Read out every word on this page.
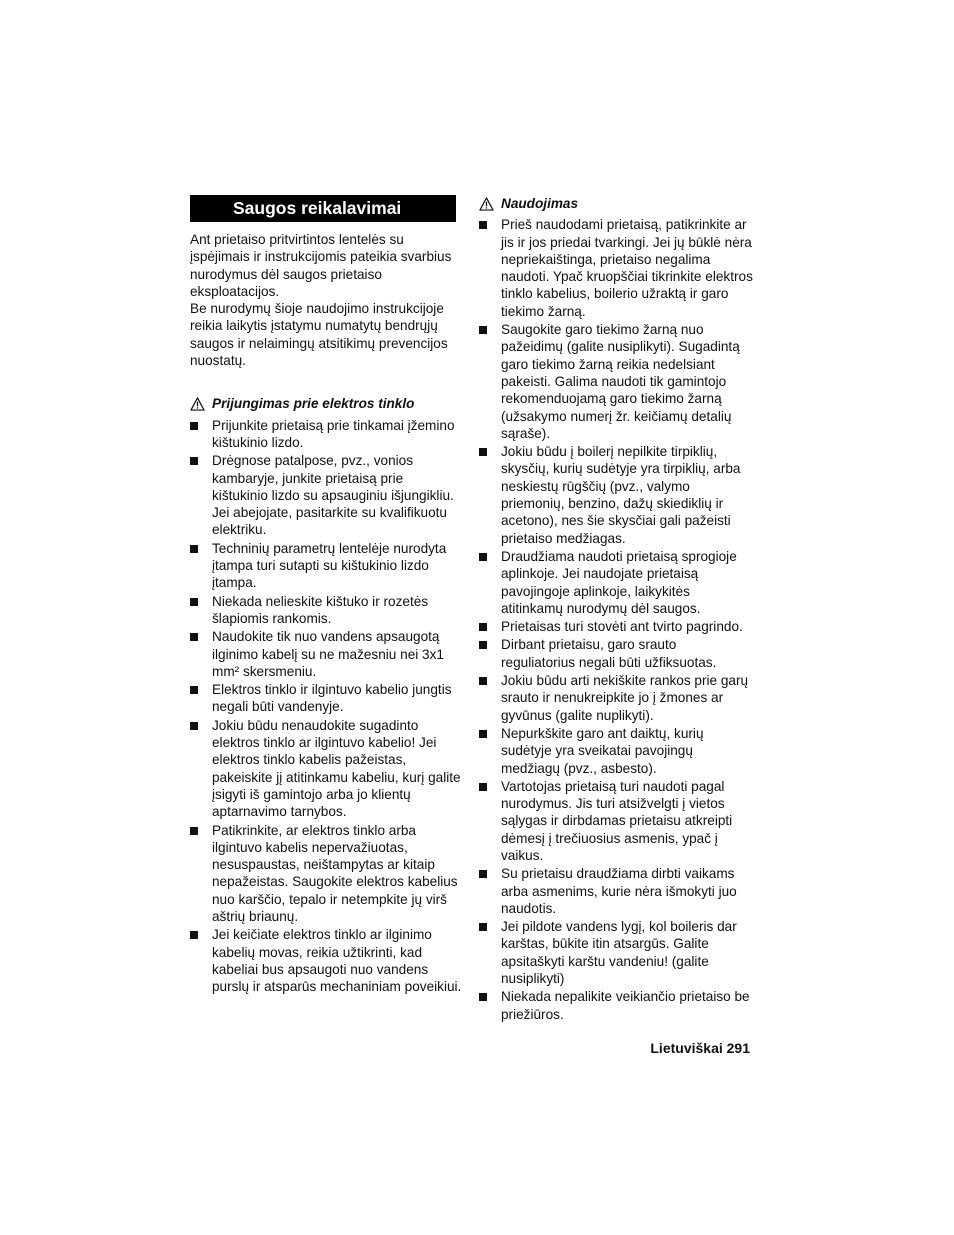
Saugos reikalavimai

Ant prietaiso pritvirtintos lentelės su įspėjimais ir instrukcijomis pateikia svarbius nurodymus dėl saugos prietaiso eksploatacijos.

Be nurodymų šioje naudojimo instrukcijoje reikia laikytis įstatymu numatytų bendrųjų saugos ir nelaimingų atsitikimų prevencijos nuostatų.

Prijungimas prie elektros tinklo
Prijunkite prietaisą prie tinkamai įžemino kištukinio lizdo.
Drėgnose patalpose, pvz., vonios kambaryje, junkite prietaisą prie kištukinio lizdo su apsauginiu išjungikliu. Jei abejojate, pasitarkite su kvalifikuotu elektriku.
Techninių parametrų lentelėje nurodyta įtampa turi sutapti su kištukinio lizdo įtampa.
Niekada nelieskite kištuko ir rozetės šlapiomis rankomis.
Naudokite tik nuo vandens apsaugotą ilginimo kabelį su ne mažesniu nei 3x1 mm² skersmeniu.
Elektros tinklo ir ilgintuvo kabelio jungtis negali būti vandenyje.
Jokiu būdu nenaudokite sugadinto elektros tinklo ar ilgintuvo kabelio! Jei elektros tinklo kabelis pažeistas, pakeiskite jį atitinkamu kabeliu, kurį galite įsigyti iš gamintojo arba jo klientų aptarnavimo tarnybos.
Patikrinkite, ar elektros tinklo arba ilgintuvo kabelis nepervažiuotas, nesuspaustas, neištampytas ar kitaip nepažeistas. Saugokite elektros kabelius nuo karščio, tepalo ir netempkite jų virš aštrių briaunų.
Jei keičiate elektros tinklo ar ilginimo kabelių movas, reikia užtikrinti, kad kabeliai bus apsaugoti nuo vandens purslų ir atsparūs mechaniniam poveikiui.
Naudojimas
Prieš naudodami prietaisą, patikrinkite ar jis ir jos priedai tvarkingi. Jei jų būklė nėra nepriekaištinga, prietaiso negalima naudoti. Ypač kruopščiai tikrinkite elektros tinklo kabelius, boilerio užraktą ir garo tiekimo žarną.
Saugokite garo tiekimo žarną nuo pažeidimų (galite nusiplikyti). Sugadintą garo tiekimo žarną reikia nedelsiant pakeisti. Galima naudoti tik gamintojo rekomenduojamą garo tiekimo žarną (užsakymo numerį žr. keičiamų detalių sąraše).
Jokiu būdu į boilerį nepilkite tirpiklių, skysčių, kurių sudėtyje yra tirpiklių, arba neskiestų rūgščių (pvz., valymo priemonių, benzino, dažų skiediklių ir acetono), nes šie skysčiai gali pažeisti prietaiso medžiagas.
Draudžiama naudoti prietaisą sprogioje aplinkoje. Jei naudojate prietaisą pavojingoje aplinkoje, laikykitės atitinkamų nurodymų dėl saugos.
Prietaisas turi stovėti ant tvirto pagrindo.
Dirbant prietaisu, garo srauto reguliatorius negali būti užfiksuotas.
Jokiu būdu arti nekiškite rankos prie garų srauto ir nenukreipkite jo į žmones ar gyvūnus (galite nuplikyti).
Nepurkškite garo ant daiktų, kurių sudėtyje yra sveikatai pavojingų medžiagų (pvz., asbesto).
Vartotojas prietaisą turi naudoti pagal nurodymus. Jis turi atsižvelgti į vietos sąlygas ir dirbdamas prietaisu atkreipti dėmesį į trečiuosius asmenis, ypač į vaikus.
Su prietaisu draudžiama dirbti vaikams arba asmenims, kurie nėra išmokyti juo naudotis.
Jei pildote vandens lygį, kol boileris dar karštas, būkite itin atsargūs. Galite apsitaškyti karštu vandeniu! (galite nusiplikyti)
Niekada nepalikite veikiančio prietaiso be priežiūros.
Lietuviškai 291
